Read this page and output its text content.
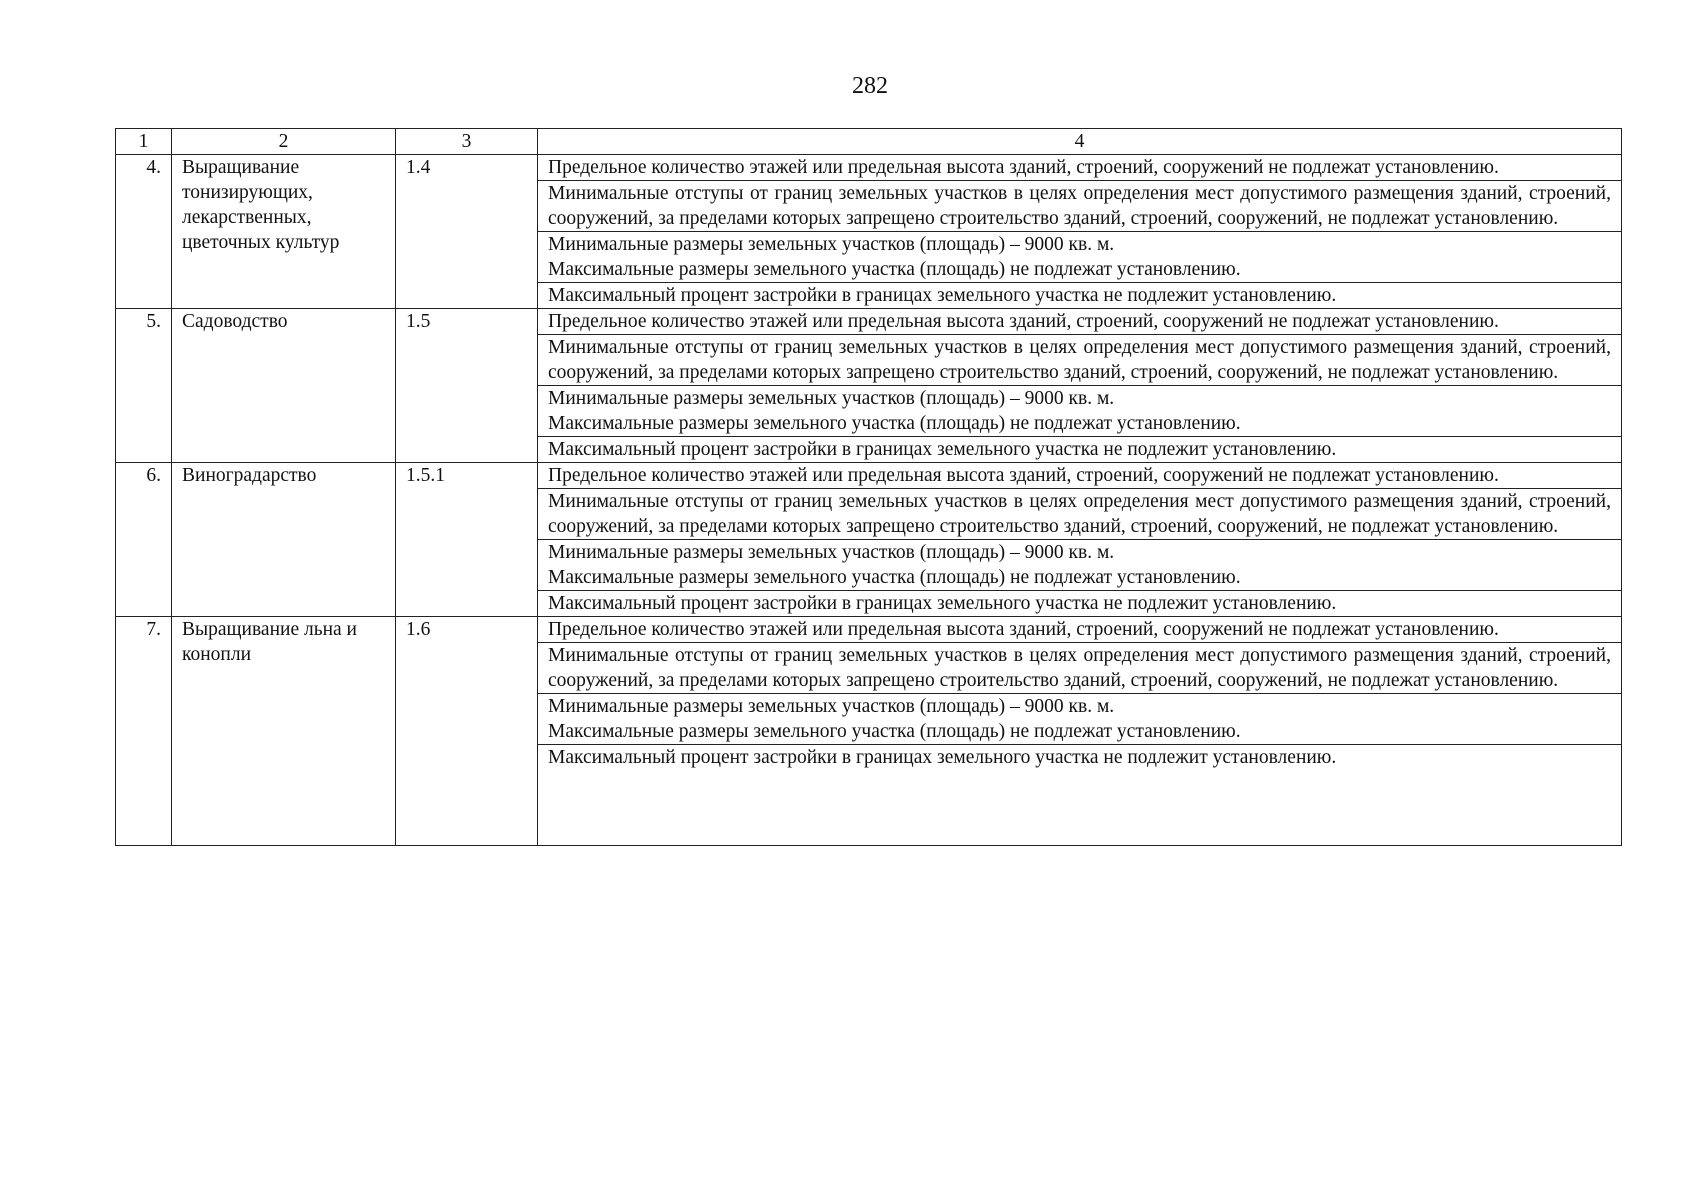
282
1	2	3	4
4.	Выращивание тонизирующих, лекарственных, цветочных культур	1.4	Предельное количество этажей или предельная высота зданий, строений, сооружений не подлежат установлению.
			Минимальные отступы от границ земельных участков в целях определения мест допустимого размещения зданий, строений, сооружений, за пределами которых запрещено строительство зданий, строений, сооружений, не подлежат установлению.

			Минимальные размеры земельных участков (площадь) – 9000 кв. м.
Максимальные размеры земельного участка (площадь) не подлежат установлению.

			Максимальный процент застройки в границах земельного участка не подлежит установлению.
5.	Садоводство	1.5	Предельное количество этажей или предельная высота зданий, строений, сооружений не подлежат установлению.
			Минимальные отступы от границ земельных участков в целях определения мест допустимого размещения зданий, строений, сооружений, за пределами которых запрещено строительство зданий, строений, сооружений, не подлежат установлению.

			Минимальные размеры земельных участков (площадь) – 9000 кв. м.
Максимальные размеры земельного участка (площадь) не подлежат установлению.

			Максимальный процент застройки в границах земельного участка не подлежит установлению.
6.	Виноградарство	1.5.1	Предельное количество этажей или предельная высота зданий, строений, сооружений не подлежат установлению.
			Минимальные отступы от границ земельных участков в целях определения мест допустимого размещения зданий, строений, сооружений, за пределами которых запрещено строительство зданий, строений, сооружений, не подлежат установлению.

			Минимальные размеры земельных участков (площадь) – 9000 кв. м.
Максимальные размеры земельного участка (площадь) не подлежат установлению.

			Максимальный процент застройки в границах земельного участка не подлежит установлению.
7.	Выращивание льна и конопли	1.6	Предельное количество этажей или предельная высота зданий, строений, сооружений не подлежат установлению.
			Минимальные отступы от границ земельных участков в целях определения мест допустимого размещения зданий, строений, сооружений, за пределами которых запрещено строительство зданий, строений, сооружений, не подлежат установлению.

			Минимальные размеры земельных участков (площадь) – 9000 кв. м.
Максимальные размеры земельного участка (площадь) не подлежат установлению.

			Максимальный процент застройки в границах земельного участка не подлежит установлению.
